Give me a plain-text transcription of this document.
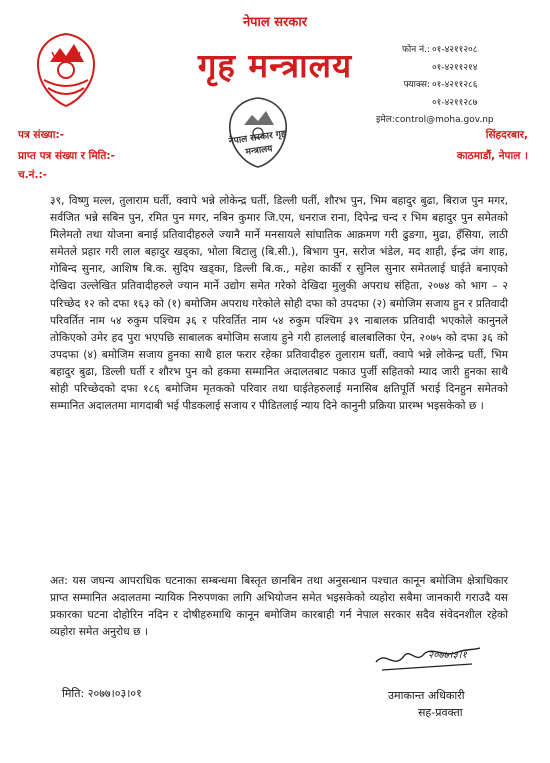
नेपाल सरकार
गृह मन्त्रालय
नेपाल सरकार गृह मन्त्रालय
फोन नं.: ०१-४२११२०८
०१-४२११२१४
फ्याक्स: ०१-४२११२८६
०१-४२११२८७
इमेल:control@moha.gov.np
पत्र संख्या:-
प्राप्त पत्र संख्या र मिति:-
च.नं.:-
सिंहदरबार,
काठमाडौं, नेपाल ।
३९, विष्णु मल्ल, तुलाराम घर्ती, क्वापे भन्ने लोकेन्द्र घर्ती, डिल्ली घर्ती, शौरभ पुन, भिम बहादुर बुढा, बिराज पुन मगर, सर्वजित भन्ने सबिन पुन, रमित पुन मगर, नबिन कुमार जि.एम, धनराज राना, दिपेन्द्र चन्द र भिम बहादुर पुन समेतको मिलेमतो तथा योजना बनाई प्रतिवादीहरुले ज्यानै मार्ने मनसायले सांघातिक आक्रमण गरी ढुङगा, मुढा, हँसिया, लाठी समेतले प्रहार गरी लाल बहादुर खड्का, भोला बिटालु (बि.सी.), बिभाग पुन, सरोज भंडेल, मद शाही, ईन्द्र जंग शाह, गोबिन्द सुनार, आशिष बि.क. सुदिप खड्का, डिल्ली बि.क., महेश कार्की र सुनिल सुनार समेतलाई घाईते बनाएको देखिदा उल्लेखित प्रतिवादीहरुले ज्यान मार्ने उद्योग समेत गरेको देखिदा मुलुकी अपराध संहिता, २०७४ को भाग – २ परिच्छेद १२ को दफा १६३ को (१) बमोजिम अपराध गरेकोले सोही दफा को उपदफा (२) बमोजिम सजाय हुन र प्रतिवादी परिवर्तित नाम ५४ रुकुम पश्चिम ३६ र परिवर्तित नाम ५४ रुकुम पश्चिम ३९ नाबालक प्रतिवादी भएकोले कानुनले तोकिएको उमेर हद पुरा भएपछि साबालक बमोजिम सजाय हुने गरी हाललाई बालबालिका ऐन, २०७५ को दफा ३६ को उपदफा (४) बमोजिम सजाय हुनका साथै हाल फरार रहेका प्रतिवादीहरु तुलाराम घर्ती, क्वापे भन्ने लोकेन्द्र घर्ती, भिम बहादुर बुढा, डिल्ली घर्ती र शौरभ पुन को हकमा सम्मानित अदालतबाट पकाउ पुर्जी सहितको म्याद जारी हुनका साथै सोही परिच्छेदको दफा १८६ बमोजिम मृतकको परिवार तथा घाईतेहरुलाई मनासिब क्षतिपूर्ति भराई दिनहुन समेतको सम्मानित अदालतमा मागदाबी भई पीडकलाई सजाय र पीडितलाई न्याय दिने कानुनी प्रक्रिया प्रारम्भ भइसकेको छ ।
अत: यस जघन्य आपराधिक घटनाका सम्बन्धमा बिस्तृत छानबिन तथा अनुसन्धान पश्चात कानून बमोजिम क्षेत्राधिकार प्राप्त सम्मानित अदालतमा न्यायिक निरुपणका लागि अभियोजन समेत भइसकेको व्यहोरा सबैमा जानकारी गराउदै यस प्रकारका घटना दोहोरिन नदिन र दोषीहरुमाथि कानून बमोजिम कारबाही गर्न नेपाल सरकार सदैव संवेदनशील रहेको व्यहोरा समेत अनुरोध छ ।
मिति: २०७७।०३।०१
२०७७।३।१
उमाकान्त अधिकारी
सह-प्रवक्ता
